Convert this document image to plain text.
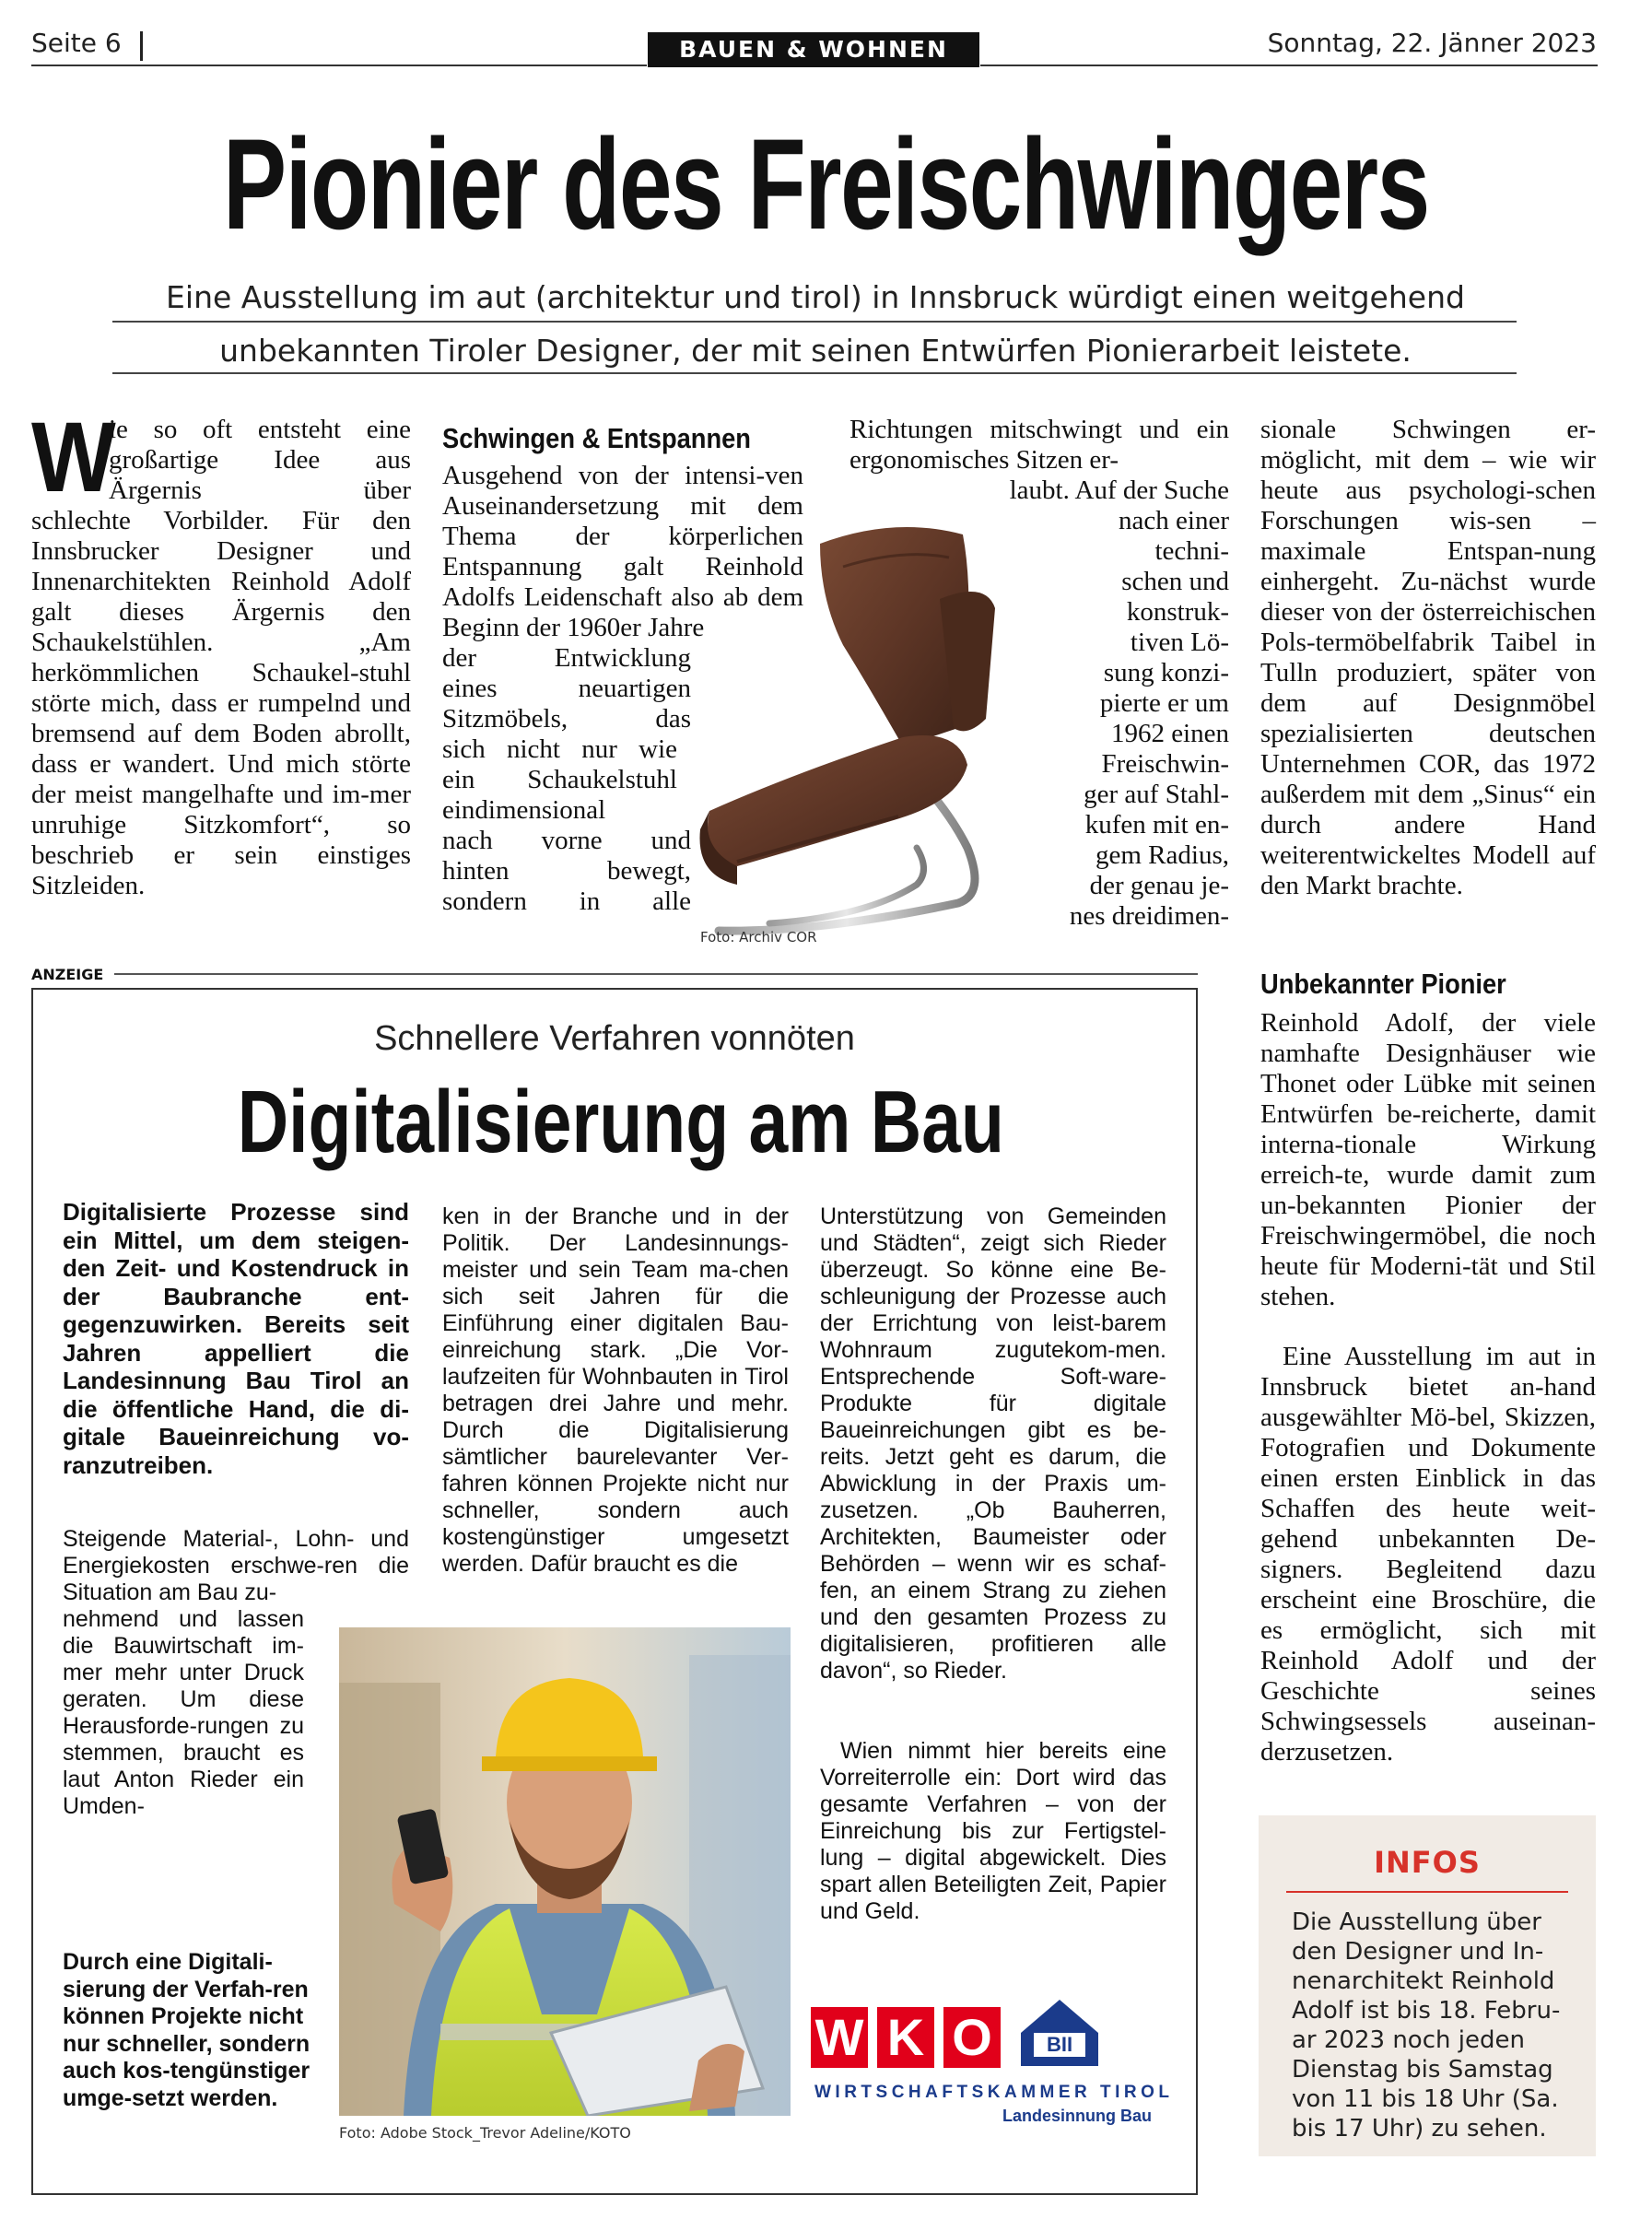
Seite 6	BAUEN & WOHNEN	Sonntag, 22. Jänner 2023
Pionier des Freischwingers
Eine Ausstellung im aut (architektur und tirol) in Innsbruck würdigt einen weitgehend
unbekannten Tiroler Designer, der mit seinen Entwürfen Pionierarbeit leistete.
W
ie so oft entsteht eine
großartige Idee aus
Ärgernis über
schlechte Vorbilder. Für den Innsbrucker Designer und Innenarchitekten Reinhold Adolf galt dieses Ärgernis den Schaukelstühlen. „Am herkömmlichen Schaukel-stuhl störte mich, dass er rumpelnd und bremsend auf dem Boden abrollt, dass er wandert. Und mich störte der meist mangelhafte und im-mer unruhige Sitzkomfort“, so beschrieb er sein einstiges Sitzleiden.
Schwingen & Entspannen
Ausgehend von der intensi-ven Auseinandersetzung mit dem Thema der körperlichen Entspannung galt Reinhold Adolfs Leidenschaft also ab dem Beginn der 1960er Jahre
der Entwicklung
eines neuartigen
Sitzmöbels, das
sich nicht nur wie
ein Schaukelstuhl
eindimensional
nach vorne und
hinten bewegt,
sondern in alle
Richtungen mitschwingt und ein ergonomisches Sitzen er-
laubt. Auf der Suche
nach einer
techni-
schen und
konstruk-
tiven Lö-
sung konzi-
pierte er um
1962 einen
Freischwin-
ger auf Stahl-
kufen mit en-
gem Radius,
der genau je-
nes dreidimen-
Foto: Archiv COR
sionale Schwingen er-möglicht, mit dem – wie wir heute aus psychologi-schen Forschungen wis-sen – maximale Entspan-nung einhergeht. Zu-nächst wurde dieser von der österreichischen Pols-termöbelfabrik Taibel in Tulln produziert, später von dem auf Designmöbel spezialisierten deutschen Unternehmen COR, das 1972 außerdem mit dem „Sinus“ ein durch andere Hand weiterentwickeltes Modell auf den Markt brachte.
Unbekannter Pionier
Reinhold Adolf, der viele namhafte Designhäuser wie Thonet oder Lübke mit seinen Entwürfen be-reicherte, damit interna-tionale Wirkung erreich-te, wurde damit zum un-bekannten Pionier der Freischwingermöbel, die noch heute für Moderni-tät und Stil stehen.
Eine Ausstellung im aut in Innsbruck bietet an-hand ausgewählter Mö-bel, Skizzen, Fotografien und Dokumente einen ersten Einblick in das Schaffen des heute weit-gehend unbekannten De-signers. Begleitend dazu erscheint eine Broschüre, die es ermöglicht, sich mit Reinhold Adolf und der Geschichte seines Schwingsessels auseinan-derzusetzen.
ANZEIGE
Schnellere Verfahren vonnöten
Digitalisierung am Bau
Digitalisierte Prozesse sind ein Mittel, um dem steigen-den Zeit- und Kostendruck in der Baubranche ent-gegenzuwirken. Bereits seit Jahren appelliert die Landesinnung Bau Tirol an die öffentliche Hand, die di-gitale Baueinreichung vo-ranzutreiben.
Steigende Material-, Lohn- und Energiekosten erschwe-ren die Situation am Bau zu-
nehmend und lassen die Bauwirtschaft im-mer mehr unter Druck geraten. Um diese Herausforde-rungen zu stemmen, braucht es laut Anton Rieder ein Umden-
Durch eine Digitali-sierung der Verfah-ren können Projekte nicht nur schneller, sondern auch kos-tengünstiger umge-setzt werden.
ken in der Branche und in der Politik. Der Landesinnungs-meister und sein Team ma-chen sich seit Jahren für die Einführung einer digitalen Bau-einreichung stark. „Die Vor-laufzeiten für Wohnbauten in Tirol betragen drei Jahre und mehr. Durch die Digitalisierung sämtlicher baurelevanter Ver-fahren können Projekte nicht nur schneller, sondern auch kostengünstiger umgesetzt werden. Dafür braucht es die
Unterstützung von Gemeinden und Städten“, zeigt sich Rieder überzeugt. So könne eine Be-schleunigung der Prozesse auch der Errichtung von leist-barem Wohnraum zugutekom-men. Entsprechende Soft-ware-Produkte für digitale Baueinreichungen gibt es be-reits. Jetzt geht es darum, die Abwicklung in der Praxis um-zusetzen. „Ob Bauherren, Architekten, Baumeister oder Behörden – wenn wir es schaf-fen, an einem Strang zu ziehen und den gesamten Prozess zu digitalisieren, profitieren alle davon“, so Rieder.
Wien nimmt hier bereits eine Vorreiterrolle ein: Dort wird das gesamte Verfahren – von der Einreichung bis zur Fertigstel-lung – digital abgewickelt. Dies spart allen Beteiligten Zeit, Papier und Geld.
Foto: Adobe Stock_Trevor Adeline/KOTO
W K O	BII
WIRTSCHAFTSKAMMER TIROL
Landesinnung Bau
INFOS
Die Ausstellung über den Designer und In-nenarchitekt Reinhold Adolf ist bis 18. Febru-ar 2023 noch jeden Dienstag bis Samstag von 11 bis 18 Uhr (Sa. bis 17 Uhr) zu sehen.
